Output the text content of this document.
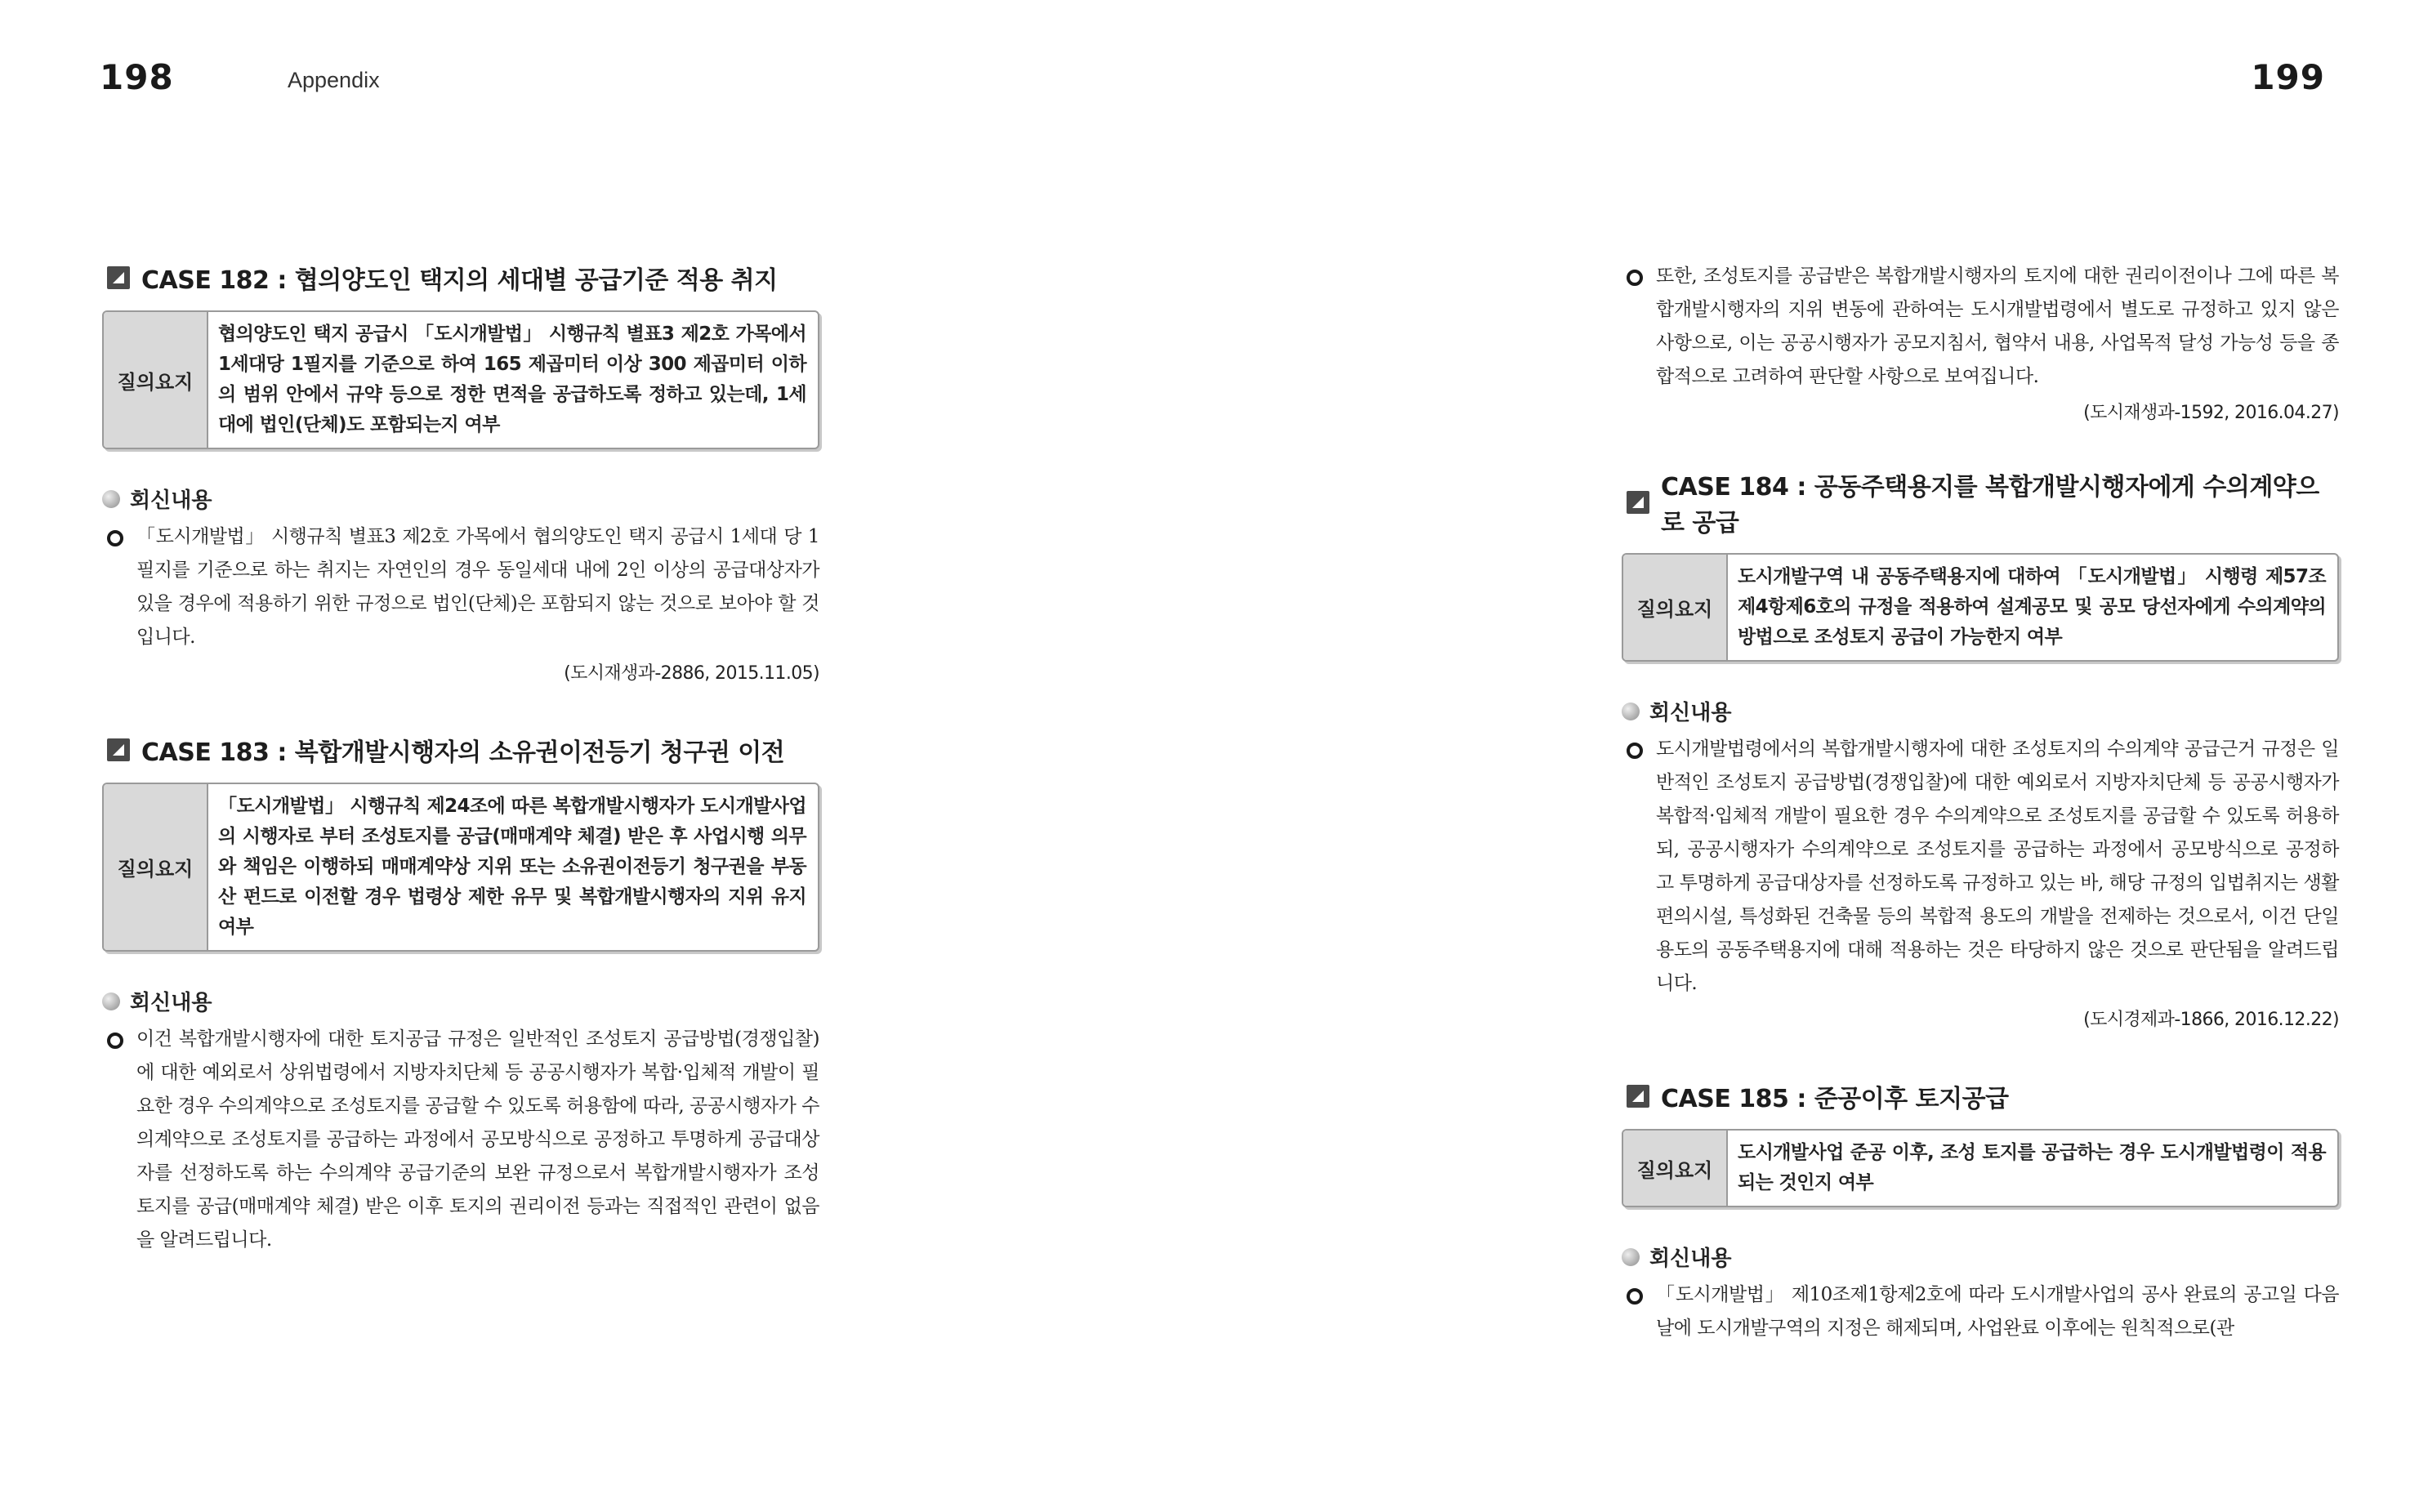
198	Appendix
CASE 182 : 협의양도인 택지의 세대별 공급기준 적용 취지
질의요지
협의양도인 택지 공급시 「도시개발법」 시행규칙 별표3 제2호 가목에서 1세대당 1필지를 기준으로 하여 165 제곱미터 이상 300 제곱미터 이하의 범위 안에서 규약 등으로 정한 면적을 공급하도록 정하고 있는데, 1세대에 법인(단체)도 포함되는지 여부
회신내용
「도시개발법」 시행규칙 별표3 제2호 가목에서 협의양도인 택지 공급시 1세대 당 1필지를 기준으로 하는 취지는 자연인의 경우 동일세대 내에 2인 이상의 공급대상자가 있을 경우에 적용하기 위한 규정으로 법인(단체)은 포함되지 않는 것으로 보아야 할 것입니다.
(도시재생과-2886, 2015.11.05)
CASE 183 : 복합개발시행자의 소유권이전등기 청구권 이전
질의요지
「도시개발법」 시행규칙 제24조에 따른 복합개발시행자가 도시개발사업의 시행자로 부터 조성토지를 공급(매매계약 체결) 받은 후 사업시행 의무와 책임은 이행하되 매매계약상 지위 또는 소유권이전등기 청구권을 부동산 펀드로 이전할 경우 법령상 제한 유무 및 복합개발시행자의 지위 유지 여부
회신내용
이건 복합개발시행자에 대한 토지공급 규정은 일반적인 조성토지 공급방법(경쟁입찰)에 대한 예외로서 상위법령에서 지방자치단체 등 공공시행자가 복합·입체적 개발이 필요한 경우 수의계약으로 조성토지를 공급할 수 있도록 허용함에 따라, 공공시행자가 수의계약으로 조성토지를 공급하는 과정에서 공모방식으로 공정하고 투명하게 공급대상자를 선정하도록 하는 수의계약 공급기준의 보완 규정으로서 복합개발시행자가 조성토지를 공급(매매계약 체결) 받은 이후 토지의 권리이전 등과는 직접적인 관련이 없음을 알려드립니다.
199
또한, 조성토지를 공급받은 복합개발시행자의 토지에 대한 권리이전이나 그에 따른 복합개발시행자의 지위 변동에 관하여는 도시개발법령에서 별도로 규정하고 있지 않은 사항으로, 이는 공공시행자가 공모지침서, 협약서 내용, 사업목적 달성 가능성 등을 종합적으로 고려하여 판단할 사항으로 보여집니다.
(도시재생과-1592, 2016.04.27)
CASE 184 : 공동주택용지를 복합개발시행자에게 수의계약으로 공급
질의요지
도시개발구역 내 공동주택용지에 대하여 「도시개발법」 시행령 제57조제4항제6호의 규정을 적용하여 설계공모 및 공모 당선자에게 수의계약의 방법으로 조성토지 공급이 가능한지 여부
회신내용
도시개발법령에서의 복합개발시행자에 대한 조성토지의 수의계약 공급근거 규정은 일반적인 조성토지 공급방법(경쟁입찰)에 대한 예외로서 지방자치단체 등 공공시행자가 복합적·입체적 개발이 필요한 경우 수의계약으로 조성토지를 공급할 수 있도록 허용하되, 공공시행자가 수의계약으로 조성토지를 공급하는 과정에서 공모방식으로 공정하고 투명하게 공급대상자를 선정하도록 규정하고 있는 바, 해당 규정의 입법취지는 생활편의시설, 특성화된 건축물 등의 복합적 용도의 개발을 전제하는 것으로서, 이건 단일 용도의 공동주택용지에 대해 적용하는 것은 타당하지 않은 것으로 판단됨을 알려드립니다.
(도시경제과-1866, 2016.12.22)
CASE 185 : 준공이후 토지공급
질의요지
도시개발사업 준공 이후, 조성 토지를 공급하는 경우 도시개발법령이 적용되는 것인지 여부
회신내용
「도시개발법」 제10조제1항제2호에 따라 도시개발사업의 공사 완료의 공고일 다음날에 도시개발구역의 지정은 해제되며, 사업완료 이후에는 원칙적으로(관
